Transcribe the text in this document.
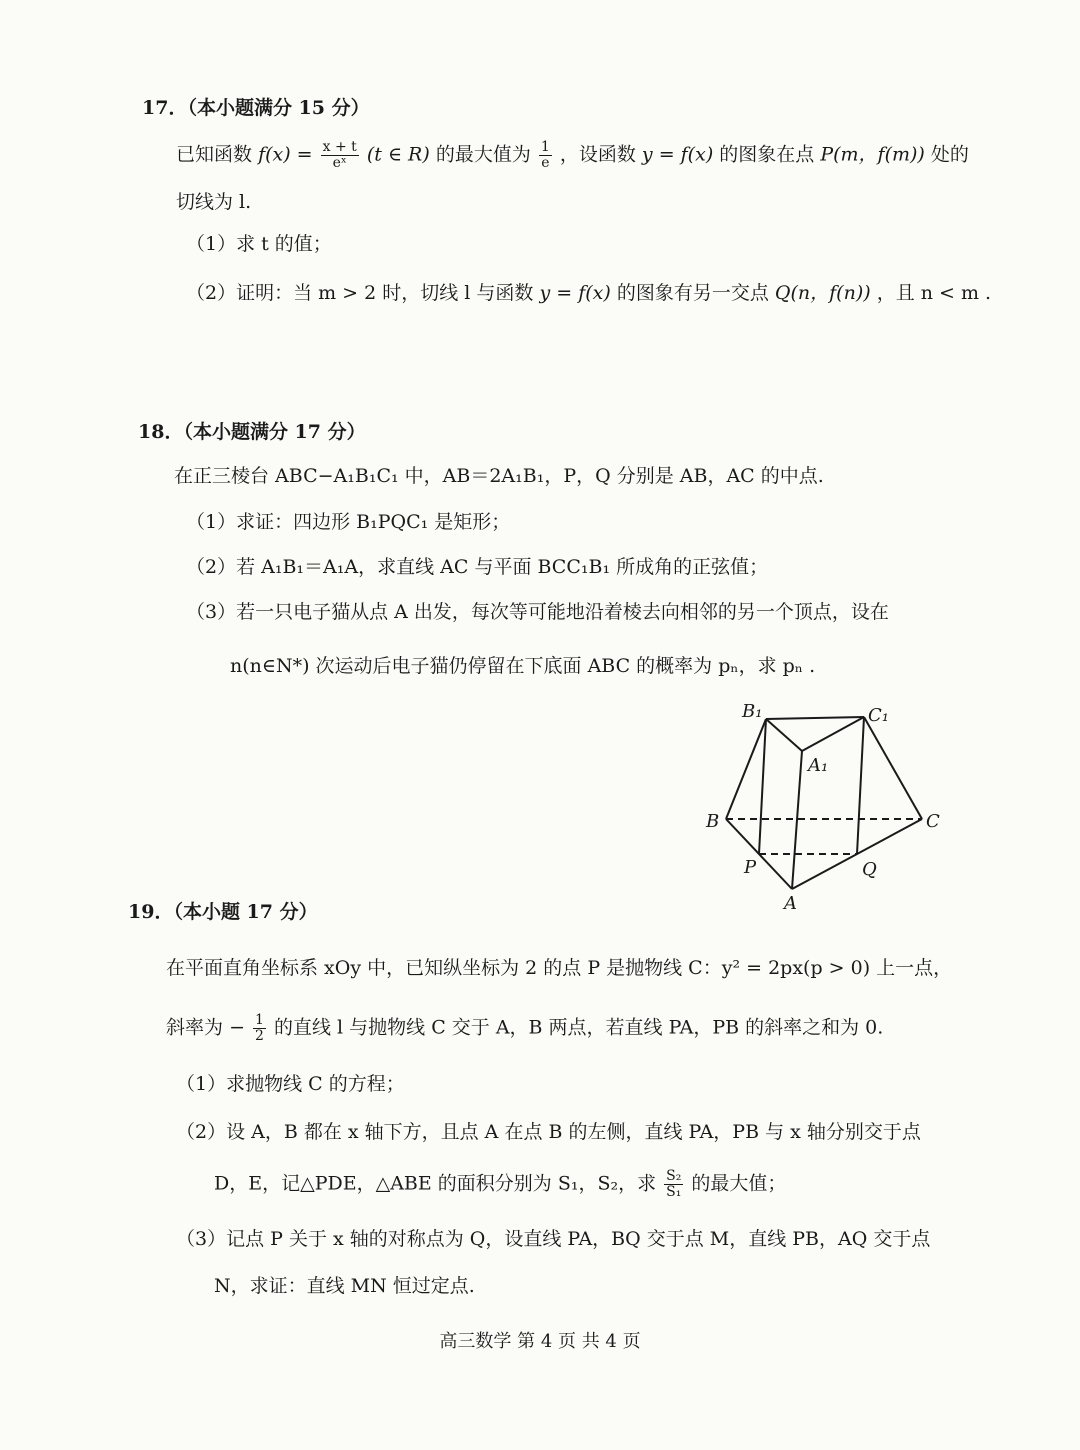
17．（本小题满分 15 分）
已知函数 $f(x) = \frac{x + t}{\text{eˣ}} (t$ ∈ R) 的最大值为 $\frac{1}{e}$ ，设函数 y = f(x) 的图象在点 P(m，f(m)) 处的
切线为 l.
（1）求 t 的值；
（2）证明：当 m > 2 时，切线 l 与函数 y = f(x) 的图象有另一交点 Q(n，f(n)) ，且 n < m .
18．（本小题满分 17 分）
在正三棱台 ABC−A₁B₁C₁ 中，AB＝2A₁B₁，P，Q 分别是 AB，AC 的中点.
（1）求证：四边形 B₁PQC₁ 是矩形；
（2）若 A₁B₁＝A₁A，求直线 AC 与平面 BCC₁B₁ 所成角的正弦值；
（3）若一只电子猫从点 A 出发，每次等可能地沿着棱去向相邻的另一个顶点，设在
n(n∈N*) 次运动后电子猫仍停留在下底面 ABC 的概率为 pₙ，求 pₙ .
B₁	C₁
A₁
B	C
P	Q
A
19．（本小题 17 分）
在平面直角坐标系 xOy 中，已知纵坐标为 2 的点 P 是抛物线 C：y² = 2px(p > 0) 上一点，
斜率为 − $\frac{1}{2}$ 的直线 l 与抛物线 C 交于 A，B 两点，若直线 PA，PB 的斜率之和为 0.
（1）求抛物线 C 的方程；
（2）设 A，B 都在 x 轴下方，且点 A 在点 B 的左侧，直线 PA，PB 与 x 轴分别交于点
D，E，记△PDE，△ABE 的面积分别为 S₁，S₂，求 $\frac{\text{S₂}}{\text{S₁}}$ 的最大值；
（3）记点 P 关于 x 轴的对称点为 Q，设直线 PA，BQ 交于点 M，直线 PB，AQ 交于点
N，求证：直线 MN 恒过定点.
高三数学 第 4 页 共 4 页
